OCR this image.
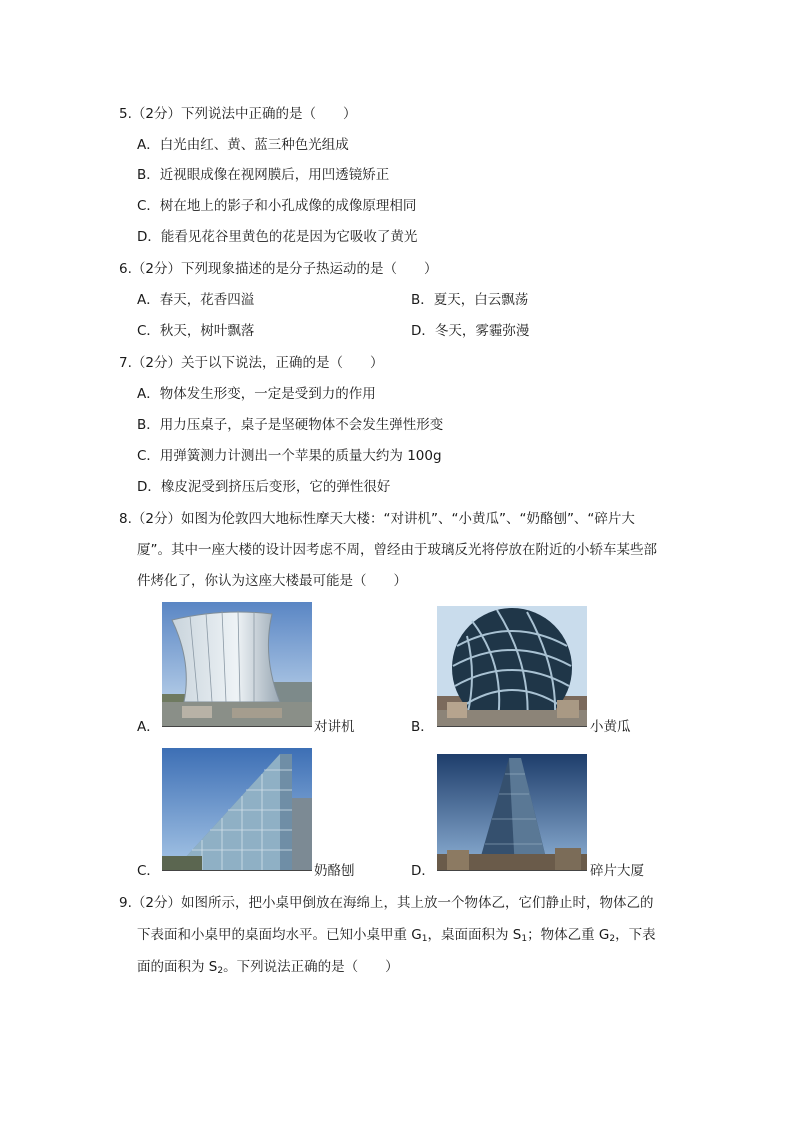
5.（2分）下列说法中正确的是（　　）
A．白光由红、黄、蓝三种色光组成
B．近视眼成像在视网膜后，用凹透镜矫正
C．树在地上的影子和小孔成像的成像原理相同
D．能看见花谷里黄色的花是因为它吸收了黄光
6.（2分）下列现象描述的是分子热运动的是（　　）
A．春天，花香四溢	B．夏天，白云飘荡
C．秋天，树叶飘落	D．冬天，雾霾弥漫
7.（2分）关于以下说法，正确的是（　　）
A．物体发生形变，一定是受到力的作用
B．用力压桌子，桌子是坚硬物体不会发生弹性形变
C．用弹簧测力计测出一个苹果的质量大约为 100g
D．橡皮泥受到挤压后变形，它的弹性很好
8.（2分）如图为伦敦四大地标性摩天大楼：“对讲机”、“小黄瓜”、“奶酪刨”、“碎片大
厦”。其中一座大楼的设计因考虑不周，曾经由于玻璃反光将停放在附近的小轿车某些部
件烤化了，你认为这座大楼最可能是（　　）
A．	对讲机	B．	小黄瓜
C．	奶酪刨	D．	碎片大厦
9.（2分）如图所示，把小桌甲倒放在海绵上，其上放一个物体乙，它们静止时，物体乙的
下表面和小桌甲的桌面均水平。已知小桌甲重 $G_1$，桌面面积为 $S_1$；物体乙重 $G_2$，下表
面的面积为 $S_2$。下列说法正确的是（　　）
